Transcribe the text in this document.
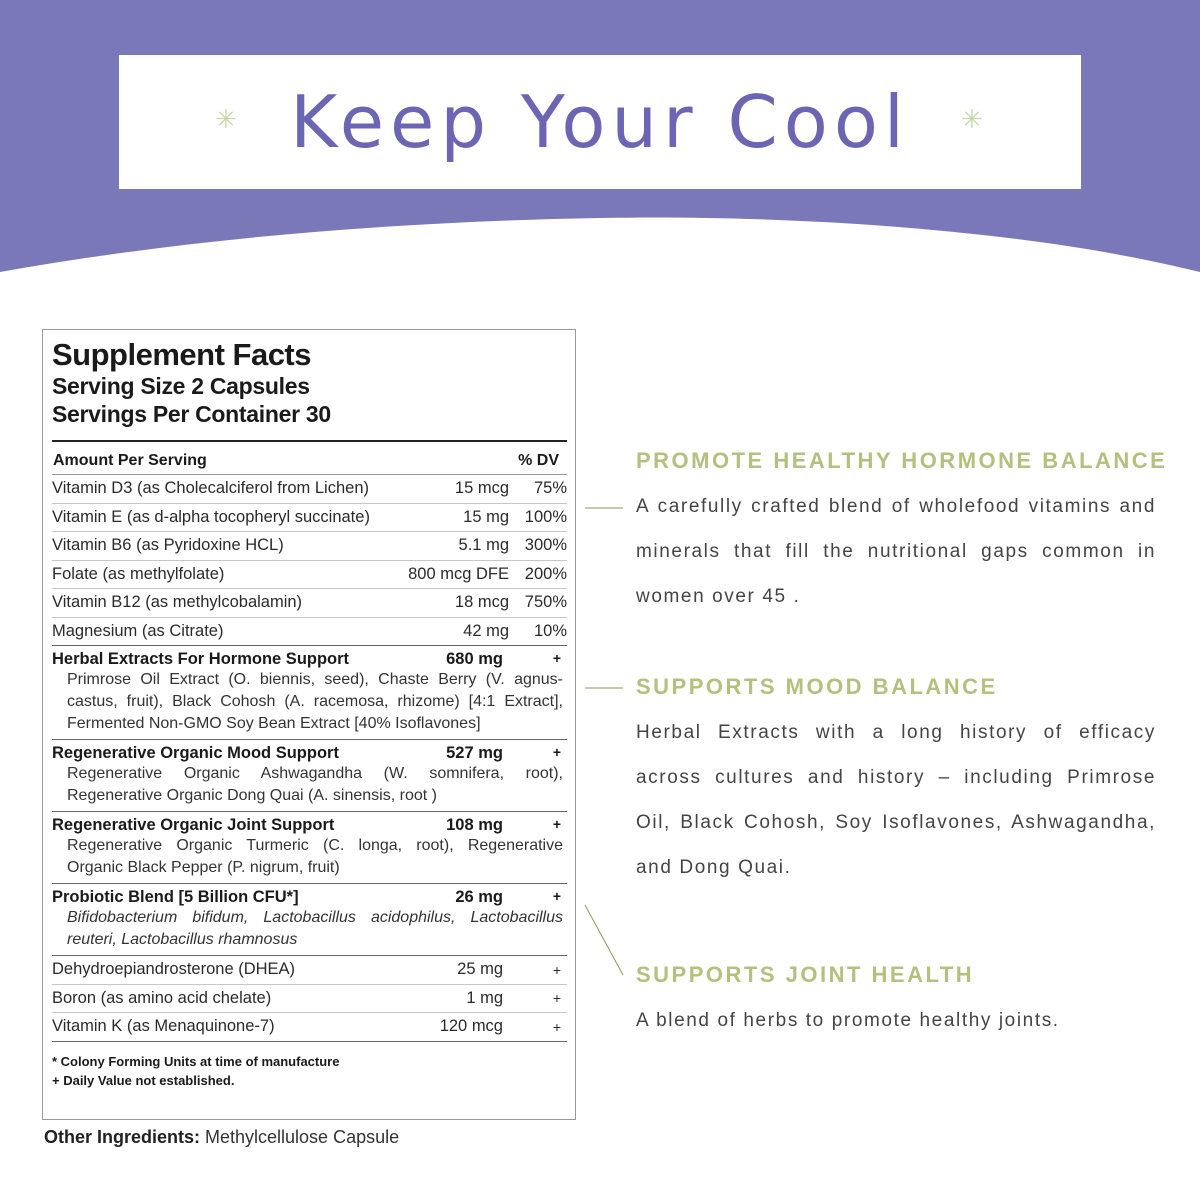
✳ Keep Your Cool ✳
Supplement Facts
Serving Size 2 Capsules
Servings Per Container 30
Amount Per Serving	% DV
Vitamin D3 (as Cholecalciferol from Lichen)	15 mcg	75%
Vitamin E (as d-alpha tocopheryl succinate)	15 mg 100%
Vitamin B6 (as Pyridoxine HCL)	5.1 mg 300%
Folate (as methylfolate)	800 mcg DFE 200%
Vitamin B12 (as methylcobalamin)	18 mcg 750%
Magnesium (as Citrate)	42 mg	10%
Herbal Extracts For Hormone Support	680 mg	+
Primrose Oil Extract (O. biennis, seed), Chaste Berry (V. agnus-castus, fruit), Black Cohosh (A. racemosa, rhizome) [4:1 Extract], Fermented Non-GMO Soy Bean Extract [40% Isoflavones]
Regenerative Organic Mood Support	527 mg	+
Regenerative Organic Ashwagandha (W. somnifera, root), Regenerative Organic Dong Quai (A. sinensis, root )
Regenerative Organic Joint Support	108 mg	+
Regenerative Organic Turmeric (C. longa, root), Regenerative Organic Black Pepper (P. nigrum, fruit)
Probiotic Blend [5 Billion CFU*]	26 mg	+
Bifidobacterium bifidum, Lactobacillus acidophilus, Lactobacillus reuteri, Lactobacillus rhamnosus
Dehydroepiandrosterone (DHEA)	25 mg	+
Boron (as amino acid chelate)	1 mg	+
Vitamin K (as Menaquinone-7)	120 mcg	+
* Colony Forming Units at time of manufacture
+ Daily Value not established.
Other Ingredients: Methylcellulose Capsule
PROMOTE HEALTHY HORMONE BALANCE
A carefully crafted blend of wholefood vitamins and minerals that fill the nutritional gaps common in women over 45 .
SUPPORTS MOOD BALANCE
Herbal Extracts with a long history of efficacy across cultures and history – including Primrose Oil, Black Cohosh, Soy Isoflavones, Ashwagandha, and Dong Quai.
SUPPORTS JOINT HEALTH
A blend of herbs to promote healthy joints.
